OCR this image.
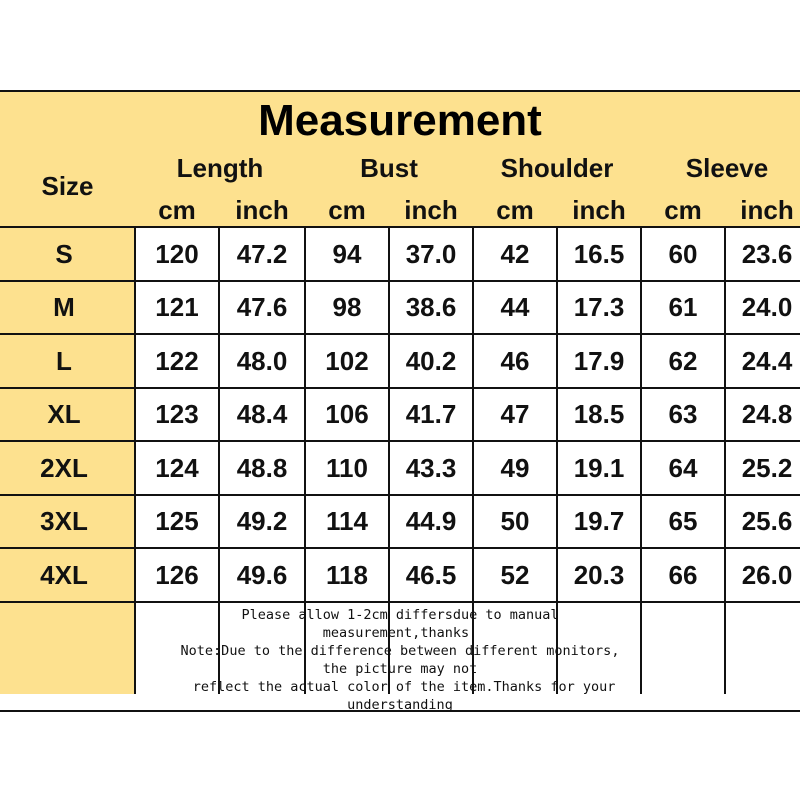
Measurement
Size
Length	Bust	Shoulder	Sleeve
cm	inch	cm	inch	cm	inch	cm	inch
S	120	47.2	94	37.0	42	16.5	60	23.6
M	121	47.6	98	38.6	44	17.3	61	24.0
L	122	48.0	102	40.2	46	17.9	62	24.4
XL	123	48.4	106	41.7	47	18.5	63	24.8
2XL	124	48.8	110	43.3	49	19.1	64	25.2
3XL	125	49.2	114	44.9	50	19.7	65	25.6
4XL	126	49.6	118	46.5	52	20.3	66	26.0
Please allow 1-2cm differsdue to manual
measurement,thanks.
Note:Due to the difference between different monitors,
the picture may not
reflect the actual color of the item.Thanks for your
understanding
